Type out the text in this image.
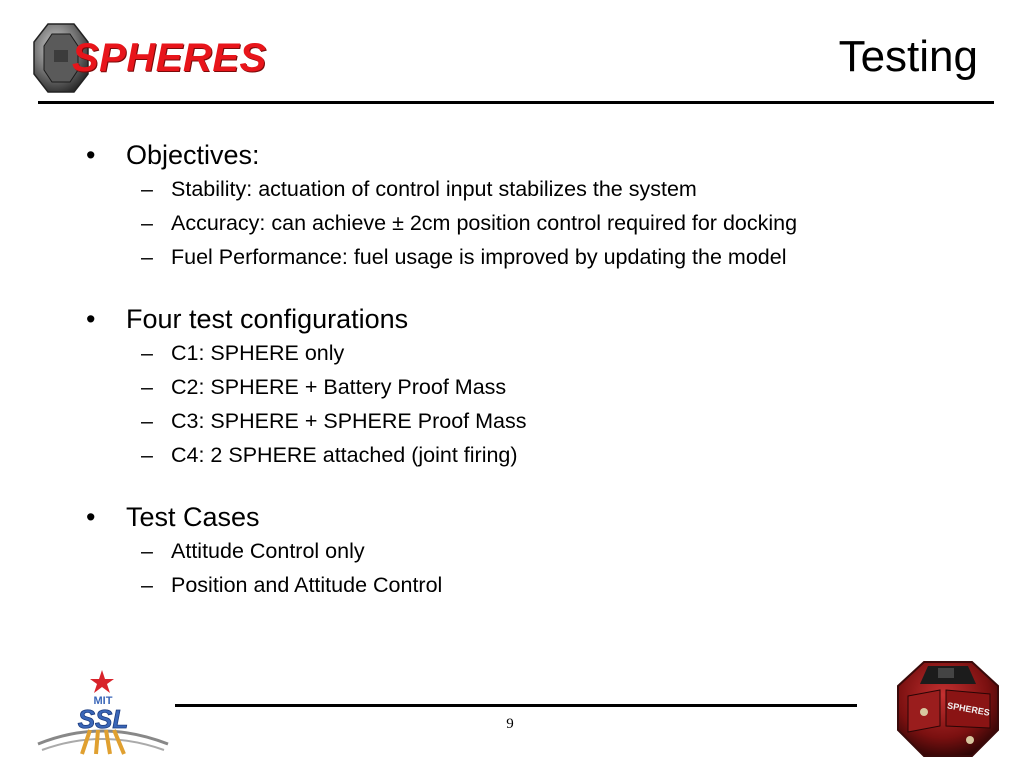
SPHERES	Testing
• Objectives:
– Stability: actuation of control input stabilizes the system
– Accuracy: can achieve ± 2cm position control required for docking
– Fuel Performance: fuel usage is improved by updating the model
• Four test configurations
– C1: SPHERE only
– C2: SPHERE + Battery Proof Mass
– C3: SPHERE + SPHERE Proof Mass
– C4: 2 SPHERE attached (joint firing)
• Test Cases
– Attitude Control only
– Position and Attitude Control
MIT
SSL	9
SPHERES
